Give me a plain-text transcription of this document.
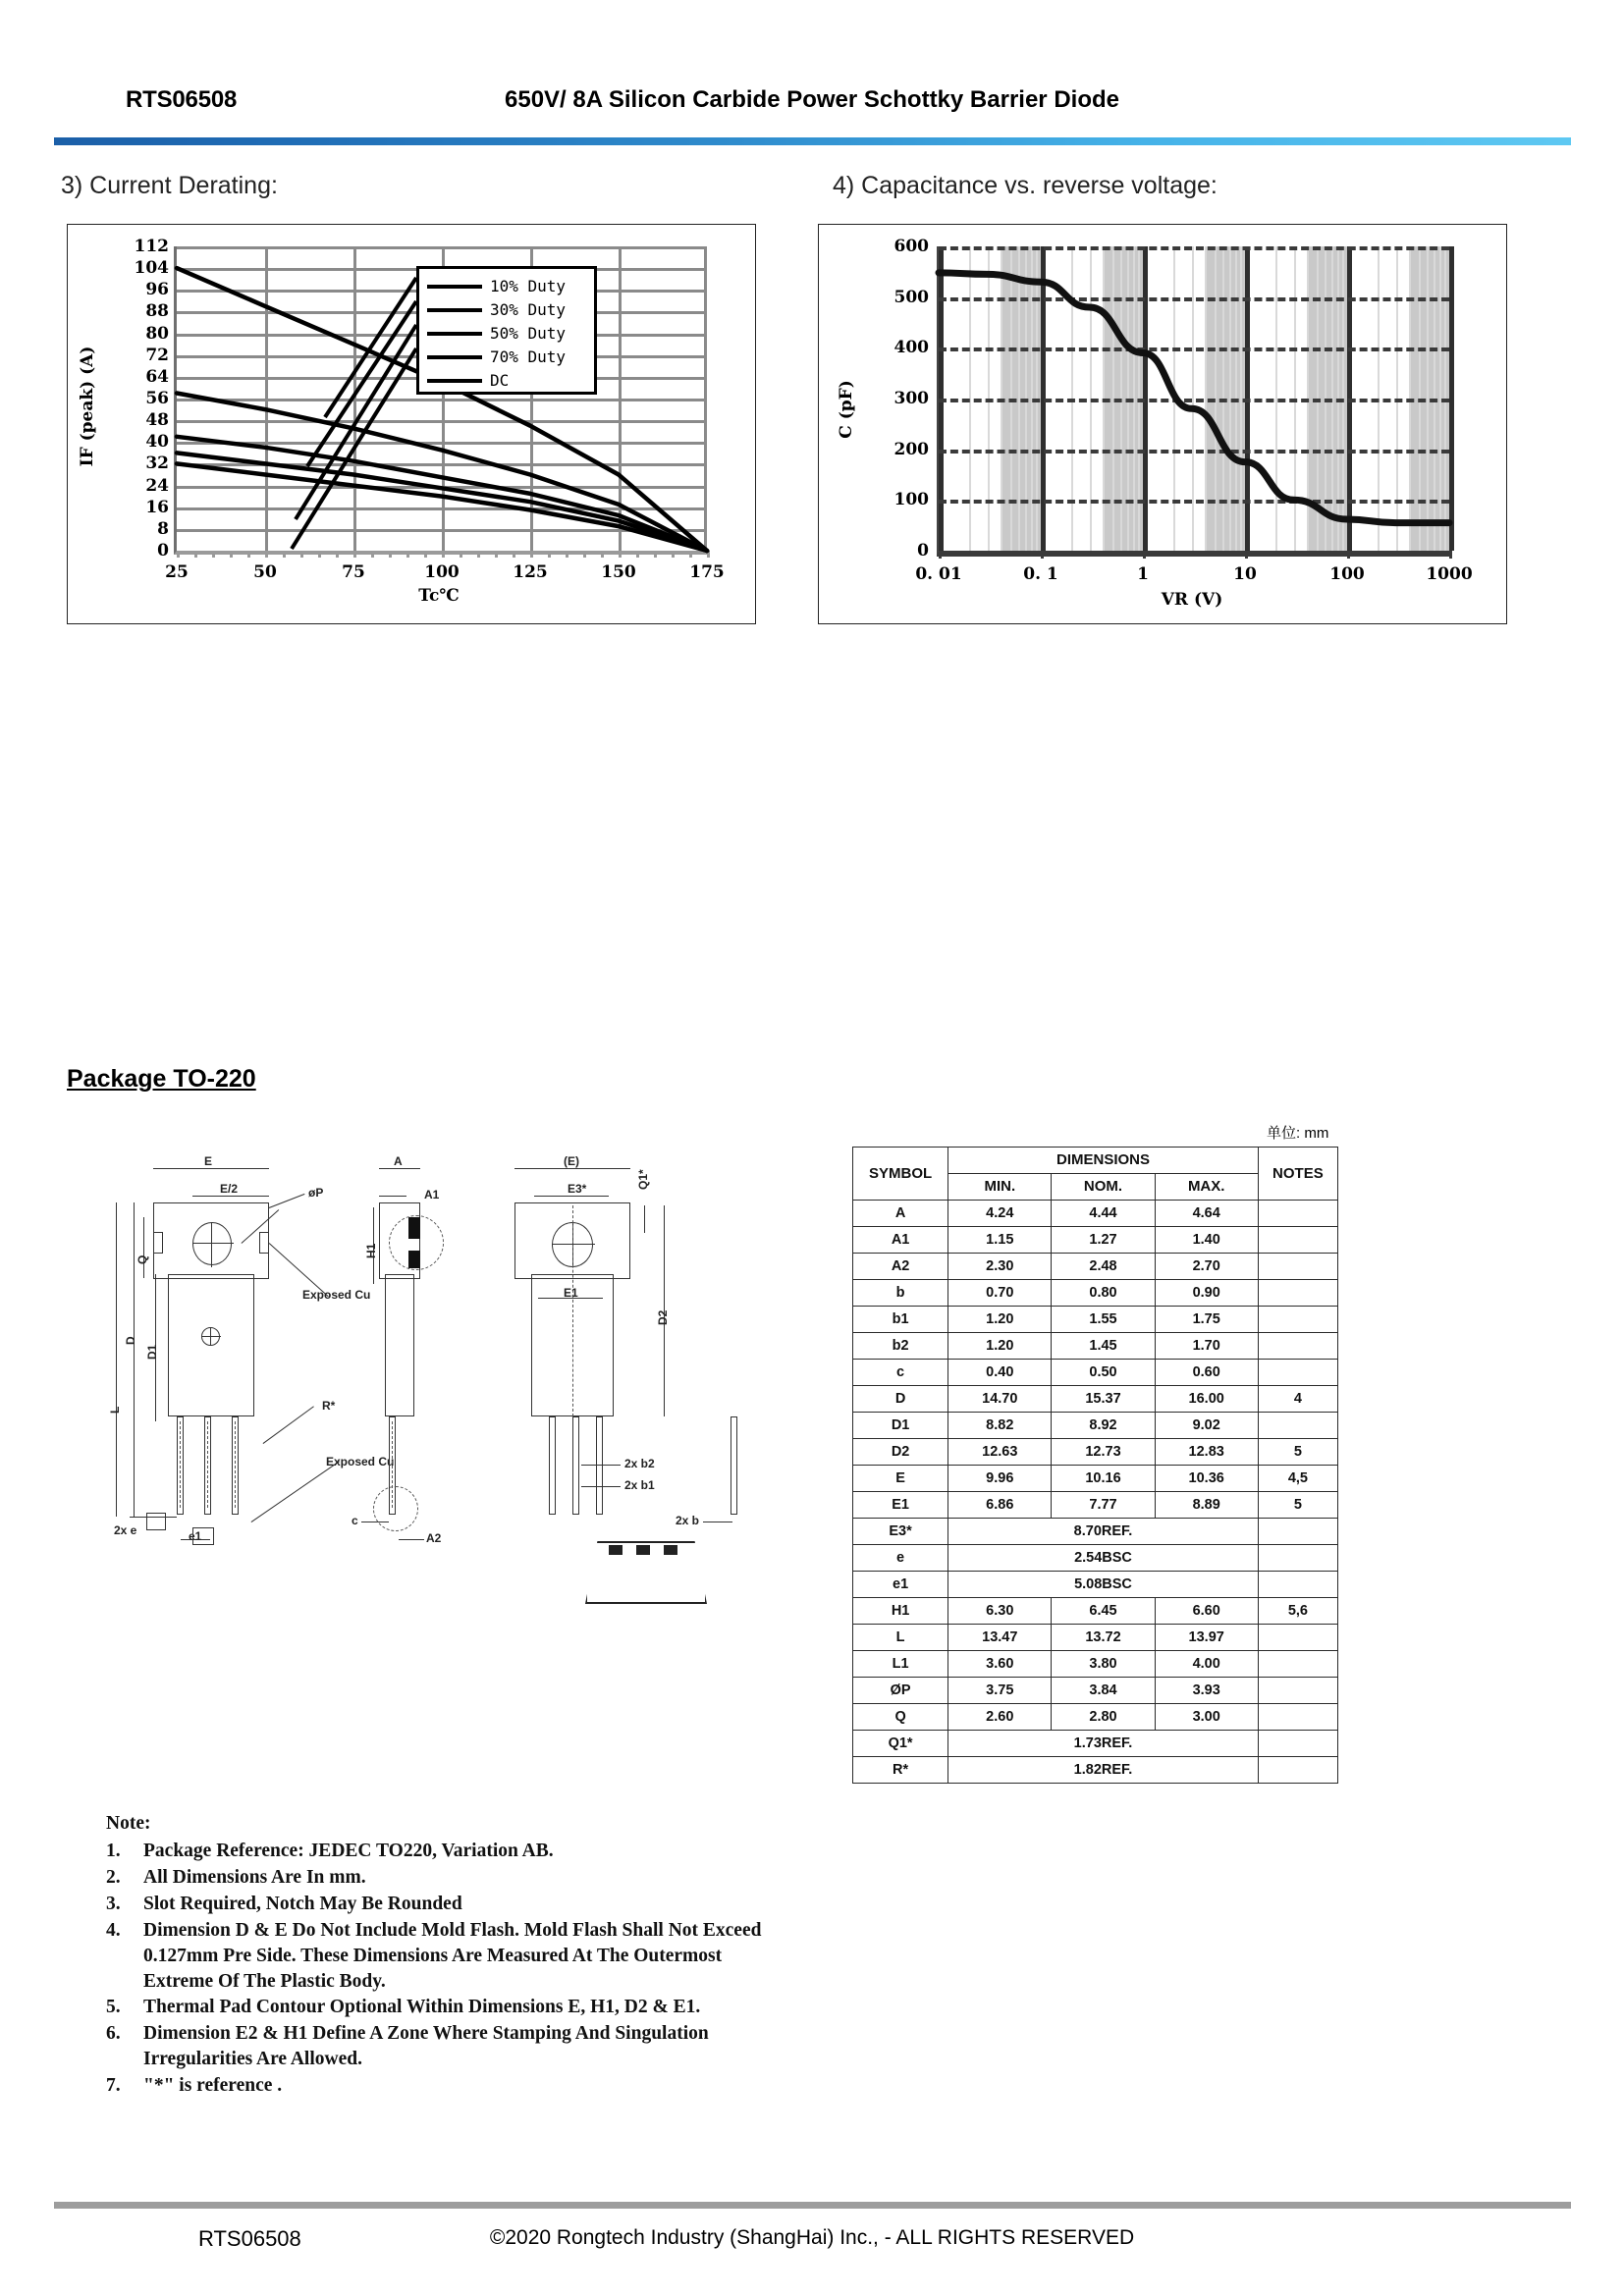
RTS06508	650V/ 8A Silicon Carbide Power Schottky Barrier Diode
3) Current Derating:	4) Capacitance vs. reverse voltage:
0
8
16
24
32
40
48
56
64
72
80
88
96
104
112
25	50	75	100	125	150	175
IF (peak) (A)
Tc℃
10% Duty
30% Duty
50% Duty
70% Duty
DC
0. 01	0. 1	1	10	100	1000
0
100
200
300
400
500
600
C (pF)
VR (V)
Package TO-220
单位: mm
E
E/2
D
D1
L
Q
2x e	e1
øP
Exposed Cu
R*
Exposed Cu
A
A1
H1
c
A2
(E)
E3*
E1
Q1*
D2
2x b2
2x b1
2x b
SYMBOL	DIMENSIONS			NOTES
	MIN.	NOM.	MAX.	
A	4.24	4.44	4.64	
A1	1.15	1.27	1.40	
A2	2.30	2.48	2.70	
b	0.70	0.80	0.90	
b1	1.20	1.55	1.75	
b2	1.20	1.45	1.70	
c	0.40	0.50	0.60	
D	14.70	15.37	16.00	4
D1	8.82	8.92	9.02	
D2	12.63	12.73	12.83	5
E	9.96	10.16	10.36	4,5
E1	6.86	7.77	8.89	5
E3*	8.70REF.			
e	2.54BSC			
e1	5.08BSC			
H1	6.30	6.45	6.60	5,6
L	13.47	13.72	13.97	
L1	3.60	3.80	4.00	
ØP	3.75	3.84	3.93	
Q	2.60	2.80	3.00	
Q1*	1.73REF.			
R*	1.82REF.			
Note:
1. Package Reference: JEDEC TO220, Variation AB.
2. All Dimensions Are In mm.
3. Slot Required, Notch May Be Rounded
4. Dimension D & E Do Not Include Mold Flash. Mold Flash Shall Not Exceed 0.127mm Pre Side. These Dimensions Are Measured At The Outermost Extreme Of The Plastic Body.
5. Thermal Pad Contour Optional Within Dimensions E, H1, D2 & E1.
6. Dimension E2 & H1 Define A Zone Where Stamping And Singulation Irregularities Are Allowed.
7. "*" is reference .
RTS06508	©2020 Rongtech Industry (ShangHai) Inc., - ALL RIGHTS RESERVED
